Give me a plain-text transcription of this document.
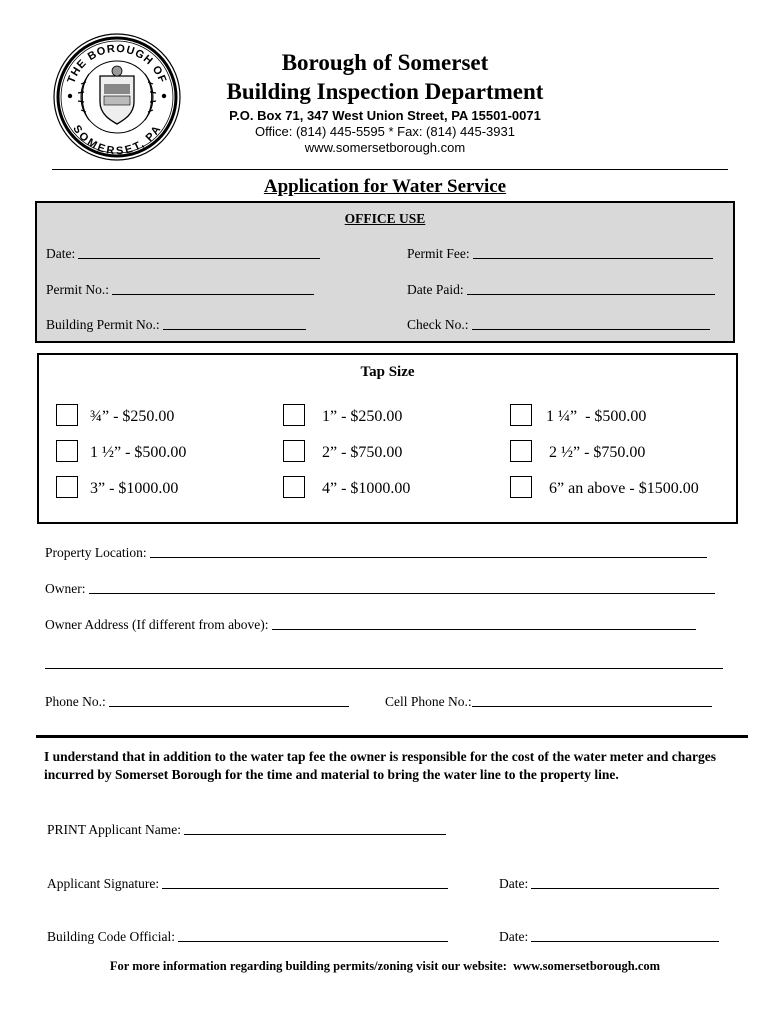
THE BOROUGH OF
SOMERSET, PA
Borough of Somerset
Building Inspection Department
P.O. Box 71, 347 West Union Street, PA 15501-0071
Office: (814) 445-5595 * Fax: (814) 445-3931
www.somersetborough.com
Application for Water Service
OFFICE USE
Date:	Permit Fee:
Permit No.:	Date Paid:
Building Permit No.:	Check No.:
Tap Size
¾” - $250.00	1” - $250.00	1 ¼”  - $500.00
1 ½” - $500.00	2” - $750.00	2 ½” - $750.00
3” - $1000.00	4” - $1000.00	6” an above - $1500.00
Property Location:
Owner:
Owner Address (If different from above):
Phone No.:	Cell Phone No.:
I understand that in addition to the water tap fee the owner is responsible for the cost of the water meter and charges incurred by Somerset Borough for the time and material to bring the water line to the property line.
PRINT Applicant Name:
Applicant Signature:	Date:
Building Code Official:	Date:
For more information regarding building permits/zoning visit our website:  www.somersetborough.com
